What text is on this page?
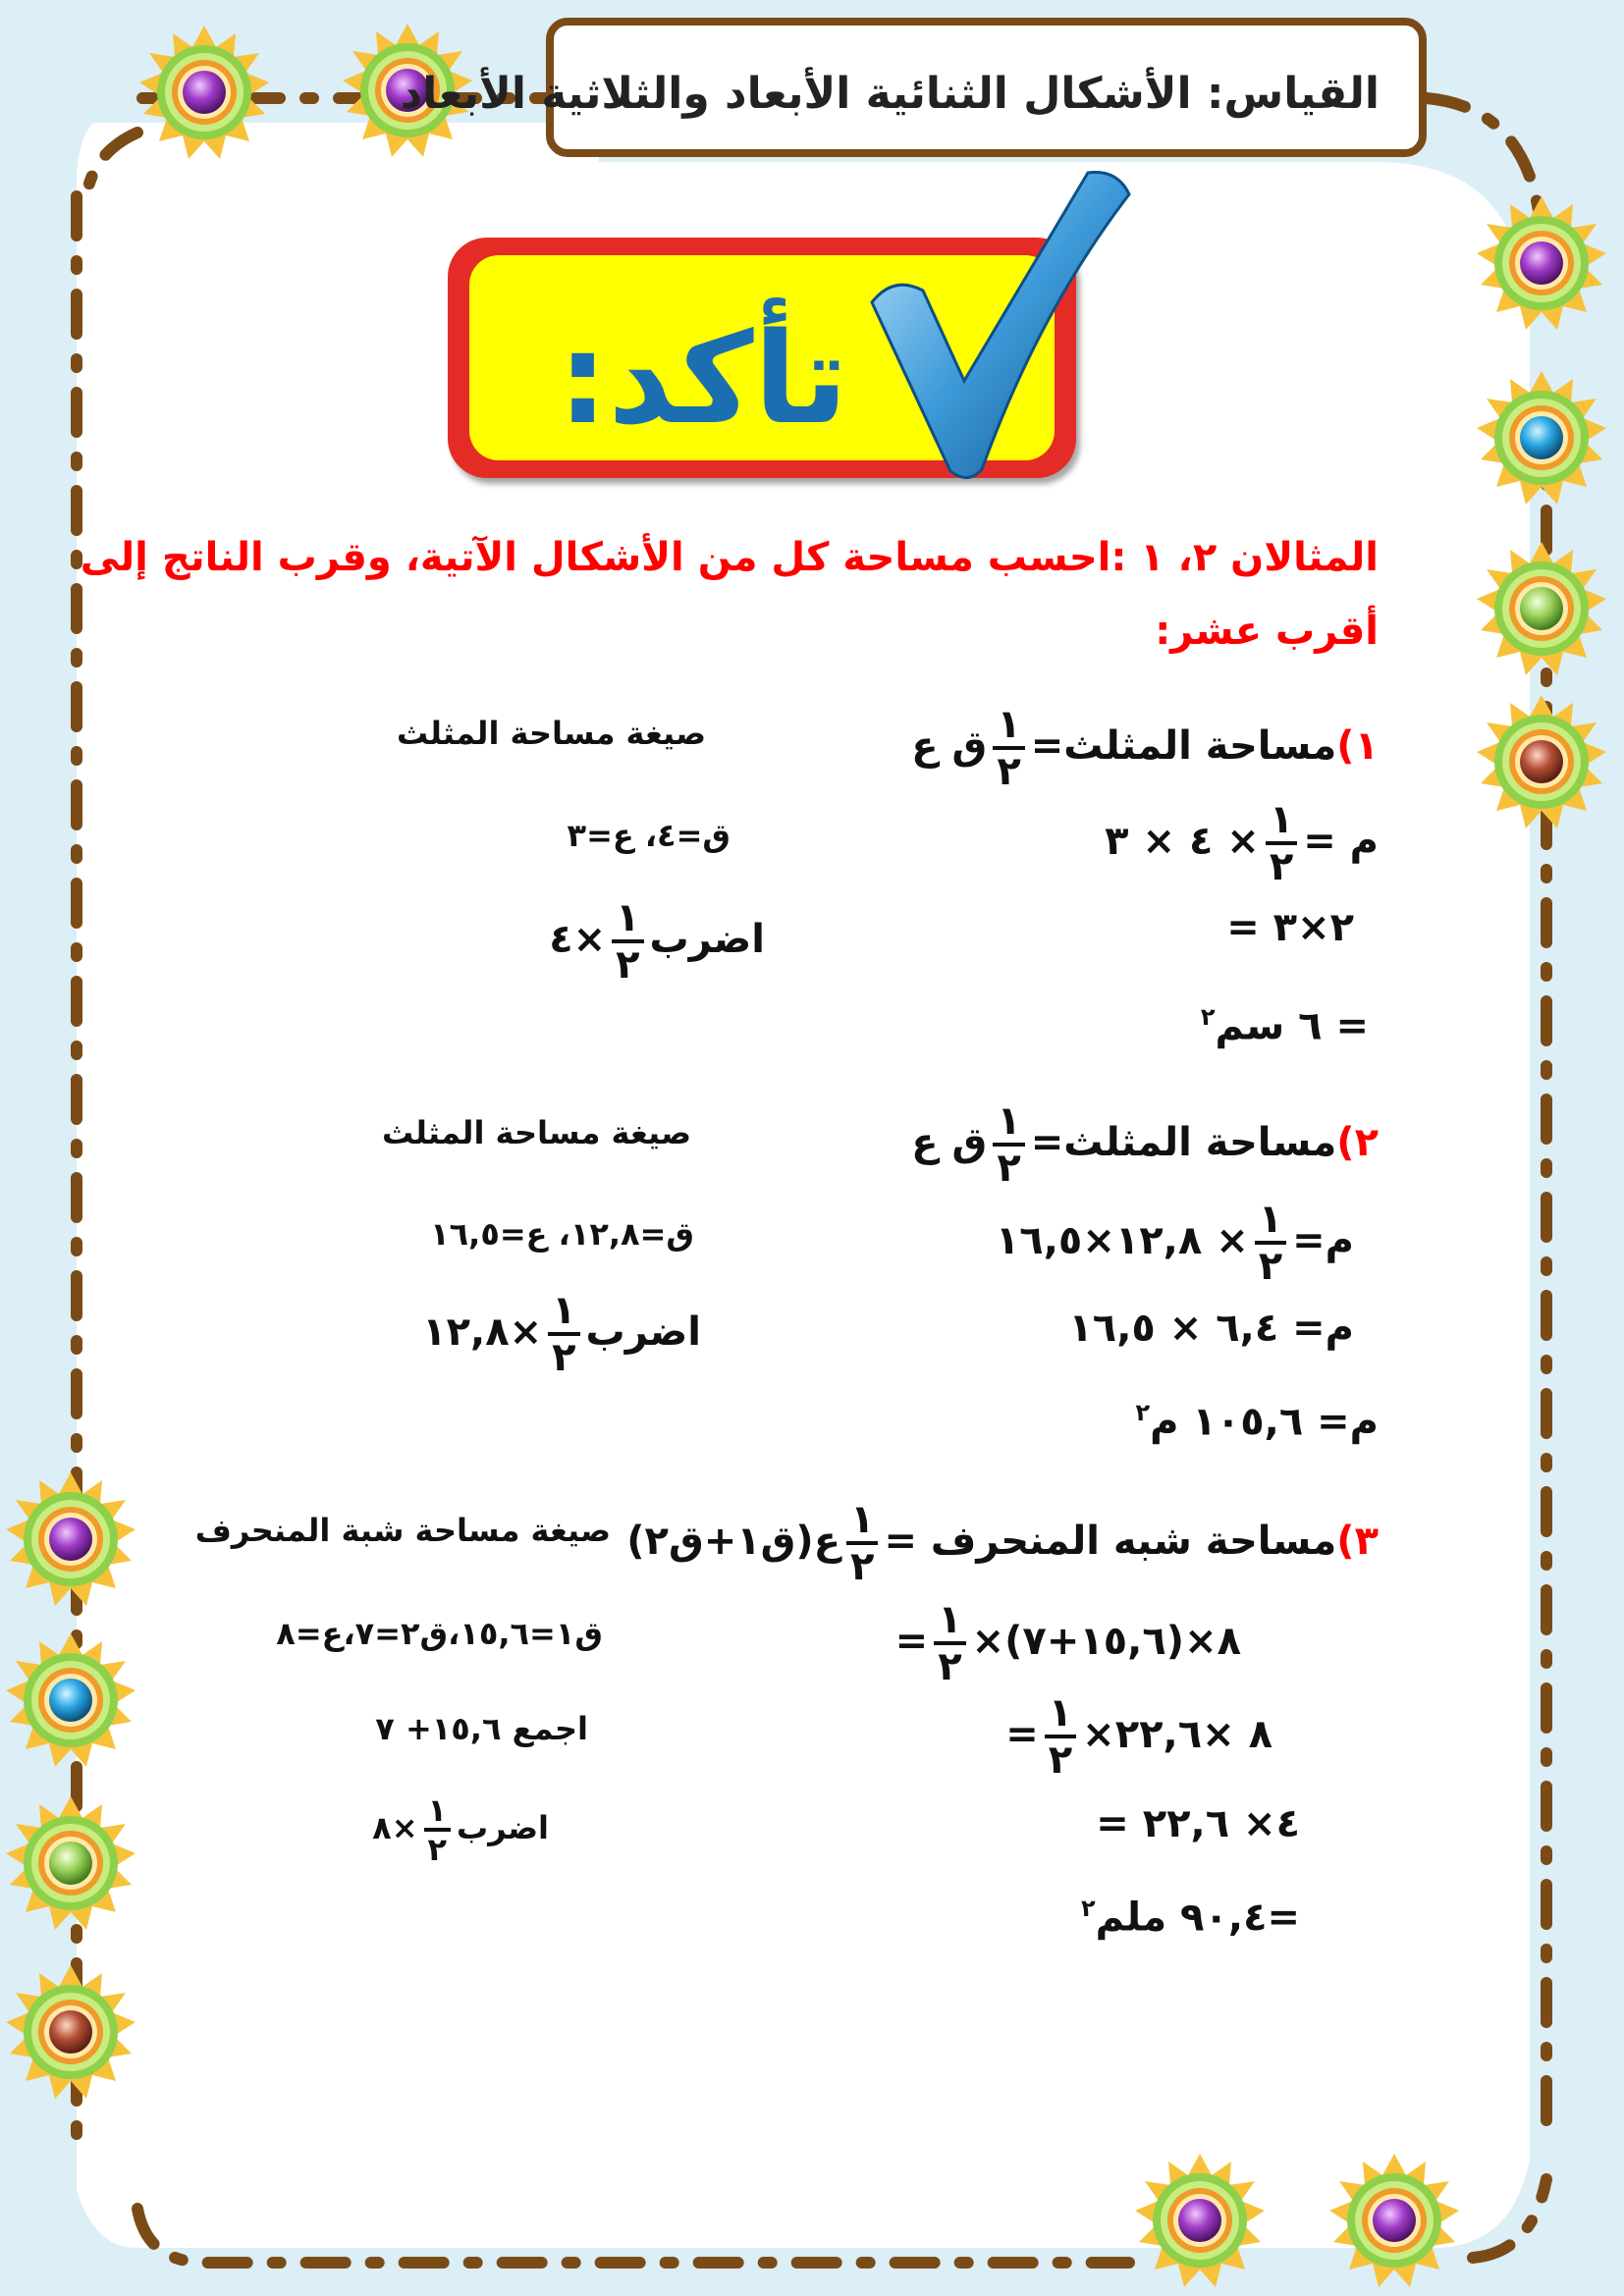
القياس: الأشكال الثنائية الأبعاد والثلاثية الأبعاد
تأكد:
المثالان ٢، ١ :احسب مساحة كل من الأشكال الآتية، وقرب الناتج إلى
أقرب عشر:
١)مساحة المثلث=
$\frac{١}{٢}$
ق ع
صيغة مساحة المثلث
م =
$\frac{١}{٢}$
× ٤ × ٣
ق=٤، ع=٣
= ٢×٣
اضرب
$\frac{١}{٢}$
×٤
= ٦ سم$^٢$
٢)مساحة المثلث=
$\frac{١}{٢}$
ق ع
صيغة مساحة المثلث
م=
$\frac{١}{٢}$
× ١٢,٨×١٦,٥
ق=١٢,٨، ع=١٦,٥
م= ٦,٤ × ١٦,٥
اضرب
$\frac{١}{٢}$
×١٢,٨
م= ١٠٥,٦ م$^٢$
٣)مساحة شبه المنحرف =
$\frac{١}{٢}$
ع(ق١+ق٢)
صيغة مساحة شبة المنحرف
= $\frac{١}{٢}$ ×٨×(١٥,٦+٧)
ق١=١٥,٦،ق٢=٧،ع=٨
= $\frac{١}{٢}$ ×٨ ×٢٢,٦
اجمع ١٥,٦+ ٧
= ٤× ٢٢,٦
اضرب
$\frac{١}{٢}$
×٨
=٩٠,٤ ملم$^٢$
